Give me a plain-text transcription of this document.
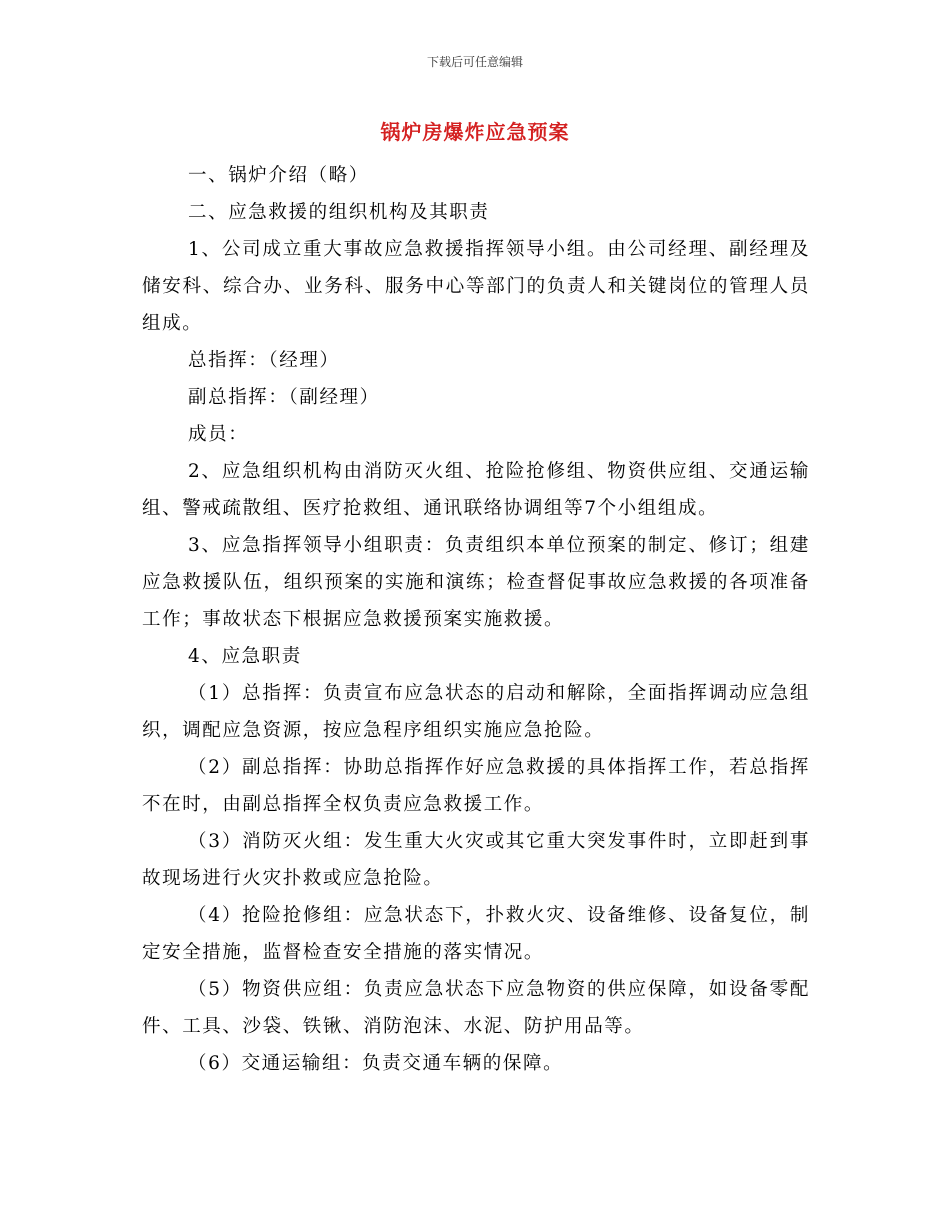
下载后可任意编辑
锅炉房爆炸应急预案

一、锅炉介绍（略）

二、应急救援的组织机构及其职责

1、公司成立重大事故应急救援指挥领导小组。由公司经理、副经理及储安科、综合办、业务科、服务中心等部门的负责人和关键岗位的管理人员组成。

总指挥：（经理）

副总指挥：（副经理）

成员：

2、应急组织机构由消防灭火组、抢险抢修组、物资供应组、交通运输组、警戒疏散组、医疗抢救组、通讯联络协调组等7个小组组成。

3、应急指挥领导小组职责：负责组织本单位预案的制定、修订；组建应急救援队伍，组织预案的实施和演练；检查督促事故应急救援的各项准备工作；事故状态下根据应急救援预案实施救援。

4、应急职责

（1）总指挥：负责宣布应急状态的启动和解除，全面指挥调动应急组织，调配应急资源，按应急程序组织实施应急抢险。

（2）副总指挥：协助总指挥作好应急救援的具体指挥工作，若总指挥不在时，由副总指挥全权负责应急救援工作。

（3）消防灭火组：发生重大火灾或其它重大突发事件时，立即赶到事故现场进行火灾扑救或应急抢险。

（4）抢险抢修组：应急状态下，扑救火灾、设备维修、设备复位，制定安全措施，监督检查安全措施的落实情况。

（5）物资供应组：负责应急状态下应急物资的供应保障，如设备零配件、工具、沙袋、铁锹、消防泡沫、水泥、防护用品等。

（6）交通运输组：负责交通车辆的保障。
